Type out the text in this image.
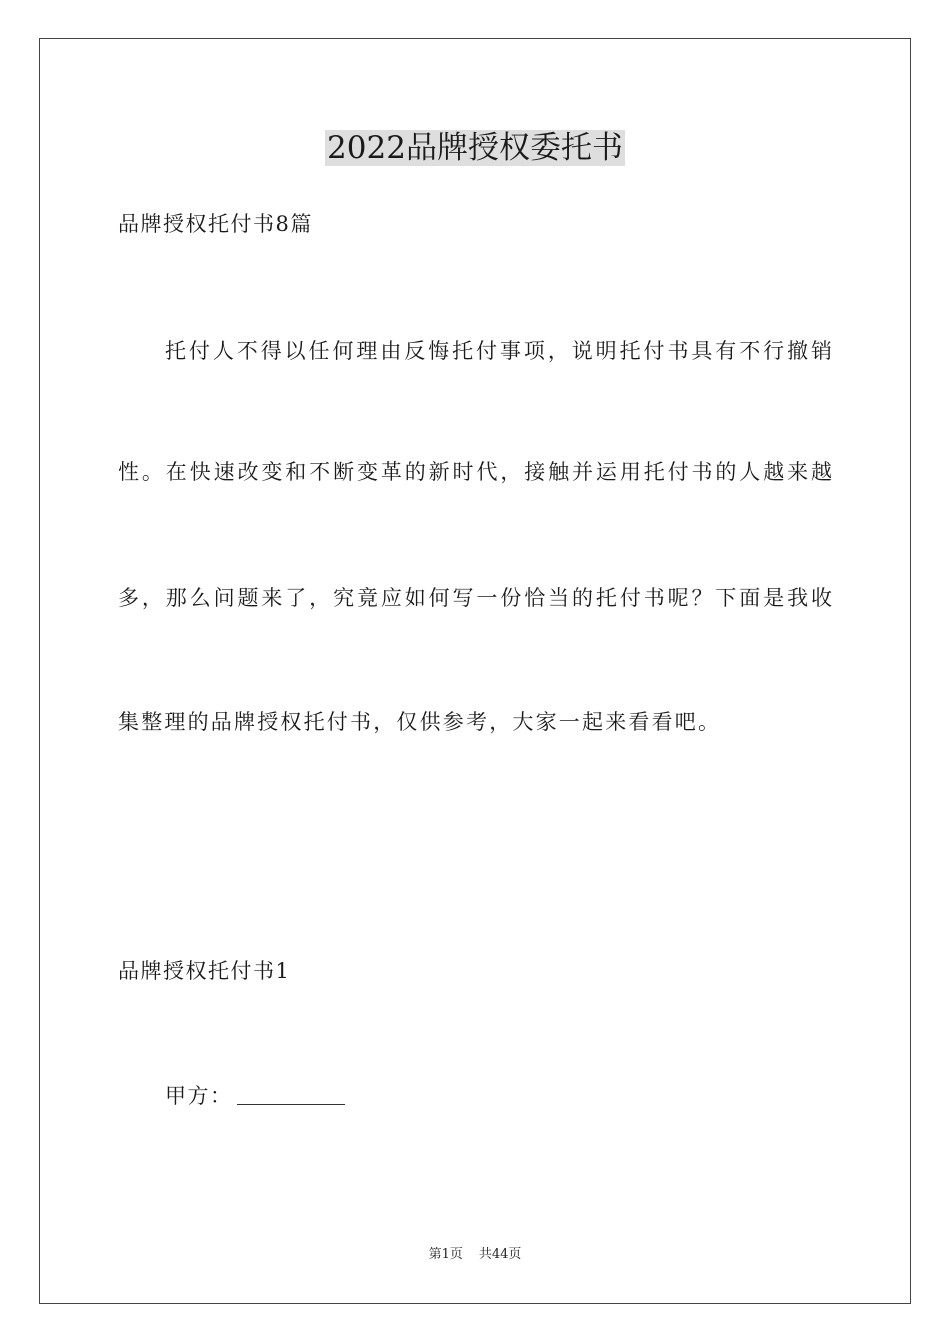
2022品牌授权委托书
品牌授权托付书8篇
托付人不得以任何理由反悔托付事项，说明托付书具有不行撤销
性。在快速改变和不断变革的新时代，接触并运用托付书的人越来越
多，那么问题来了，究竟应如何写一份恰当的托付书呢？下面是我收
集整理的品牌授权托付书，仅供参考，大家一起来看看吧。
品牌授权托付书1
甲方：
第1页 共44页
